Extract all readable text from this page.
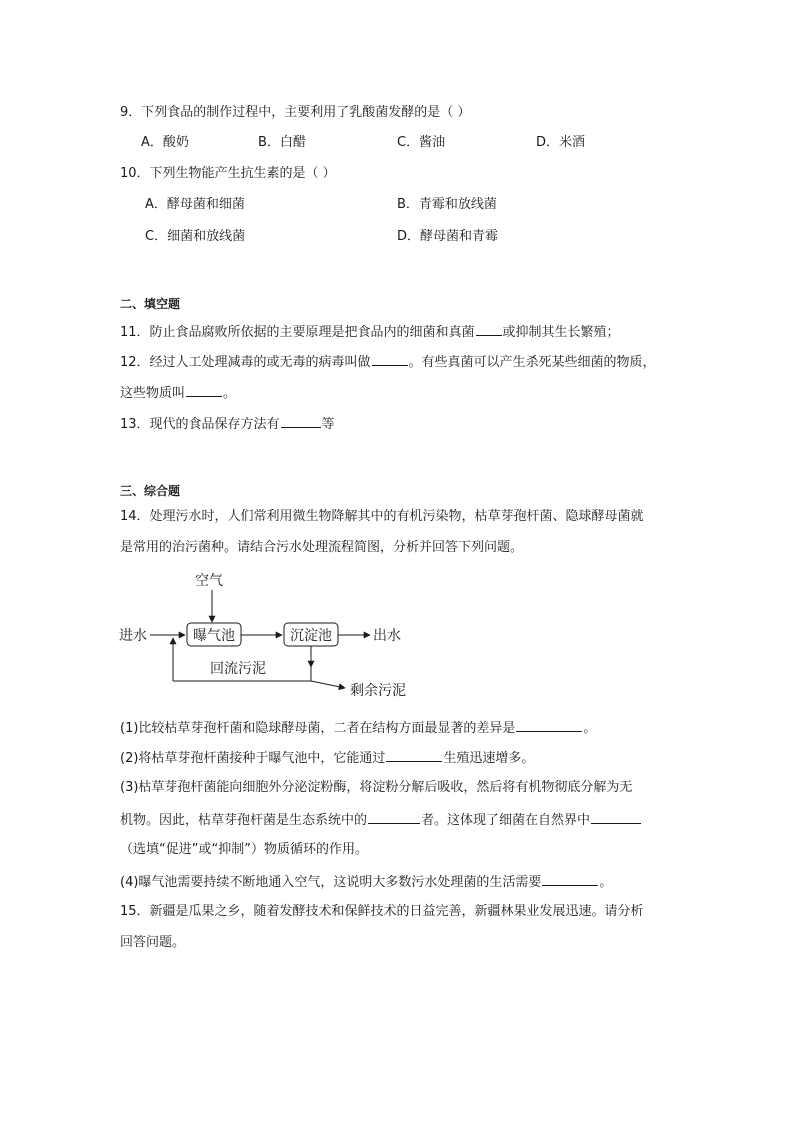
9．下列食品的制作过程中，主要利用了乳酸菌发酵的是（ ）
A．酸奶	B．白醋	C．酱油	D．米酒
10．下列生物能产生抗生素的是（ ）
A．酵母菌和细菌	B．青霉和放线菌
C．细菌和放线菌	D．酵母菌和青霉
二、填空题
11．防止食品腐败所依据的主要原理是把食品内的细菌和真菌 或抑制其生长繁殖；
12．经过人工处理减毒的或无毒的病毒叫做	。有些真菌可以产生杀死某些细菌的物质，
这些物质叫	。
13．现代的食品保存方法有	等
三、综合题
14．处理污水时，人们常利用微生物降解其中的有机污染物，枯草芽孢杆菌、隐球酵母菌就
是常用的治污菌种。请结合污水处理流程简图，分析并回答下列问题。
空气
进水	曝气池	沉淀池	出水
回流污泥
剩余污泥
(1)比较枯草芽孢杆菌和隐球酵母菌，二者在结构方面最显著的差异是	。
(2)将枯草芽孢杆菌接种于曝气池中，它能通过	生殖迅速增多。
(3)枯草芽孢杆菌能向细胞外分泌淀粉酶，将淀粉分解后吸收，然后将有机物彻底分解为无
机物。因此，枯草芽孢杆菌是生态系统中的	者。这体现了细菌在自然界中
（选填“促进”或“抑制”）物质循环的作用。
(4)曝气池需要持续不断地通入空气，这说明大多数污水处理菌的生活需要	。
15．新疆是瓜果之乡，随着发酵技术和保鲜技术的日益完善，新疆林果业发展迅速。请分析
回答问题。
